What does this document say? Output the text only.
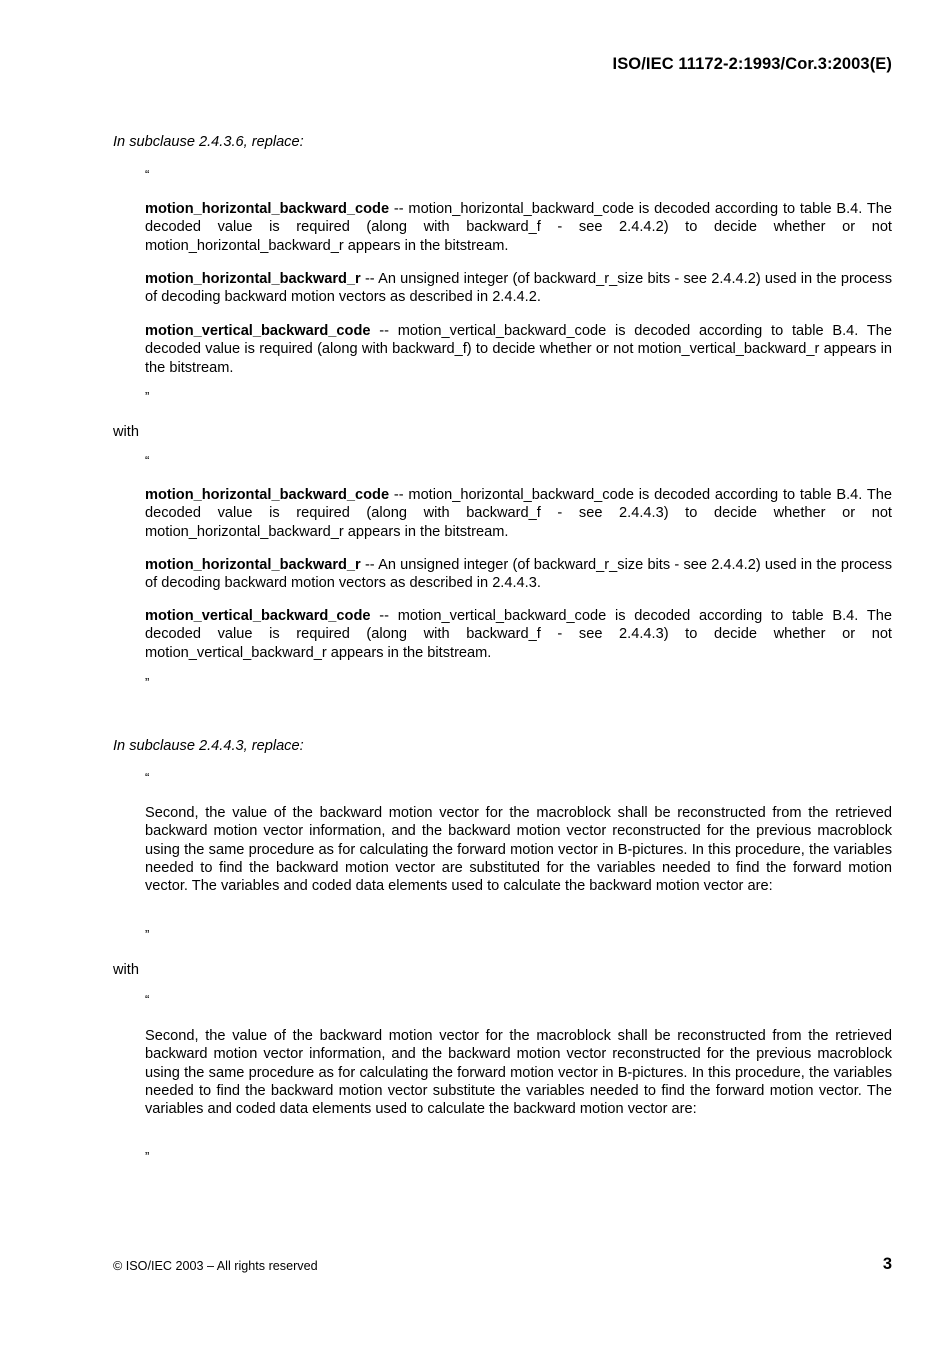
ISO/IEC 11172-2:1993/Cor.3:2003(E)
In subclause 2.4.3.6, replace:
“
motion_horizontal_backward_code -- motion_horizontal_backward_code is decoded according to table B.4. The decoded value is required (along with backward_f - see 2.4.4.2) to decide whether or not motion_horizontal_backward_r appears in the bitstream.
motion_horizontal_backward_r -- An unsigned integer (of backward_r_size bits - see 2.4.4.2) used in the process of decoding backward motion vectors as described in 2.4.4.2.
motion_vertical_backward_code -- motion_vertical_backward_code is decoded according to table B.4. The decoded value is required (along with backward_f) to decide whether or not motion_vertical_backward_r appears in the bitstream.
”
with
“
motion_horizontal_backward_code -- motion_horizontal_backward_code is decoded according to table B.4. The decoded value is required (along with backward_f - see 2.4.4.3) to decide whether or not motion_horizontal_backward_r appears in the bitstream.
motion_horizontal_backward_r -- An unsigned integer (of backward_r_size bits - see 2.4.4.2) used in the process of decoding backward motion vectors as described in 2.4.4.3.
motion_vertical_backward_code -- motion_vertical_backward_code is decoded according to table B.4. The decoded value is required (along with backward_f - see 2.4.4.3) to decide whether or not motion_vertical_backward_r appears in the bitstream.
”
In subclause 2.4.4.3, replace:
“
Second, the value of the backward motion vector for the macroblock shall be reconstructed from the retrieved backward motion vector information, and the backward motion vector reconstructed for the previous macroblock using the same procedure as for calculating the forward motion vector in B-pictures. In this procedure, the variables needed to find the backward motion vector are substituted for the variables needed to find the forward motion vector. The variables and coded data elements used to calculate the backward motion vector are:
”
with
“
Second, the value of the backward motion vector for the macroblock shall be reconstructed from the retrieved backward motion vector information, and the backward motion vector reconstructed for the previous macroblock using the same procedure as for calculating the forward motion vector in B-pictures. In this procedure, the variables needed to find the backward motion vector substitute the variables needed to find the forward motion vector. The variables and coded data elements used to calculate the backward motion vector are:
”
© ISO/IEC 2003 – All rights reserved	3
